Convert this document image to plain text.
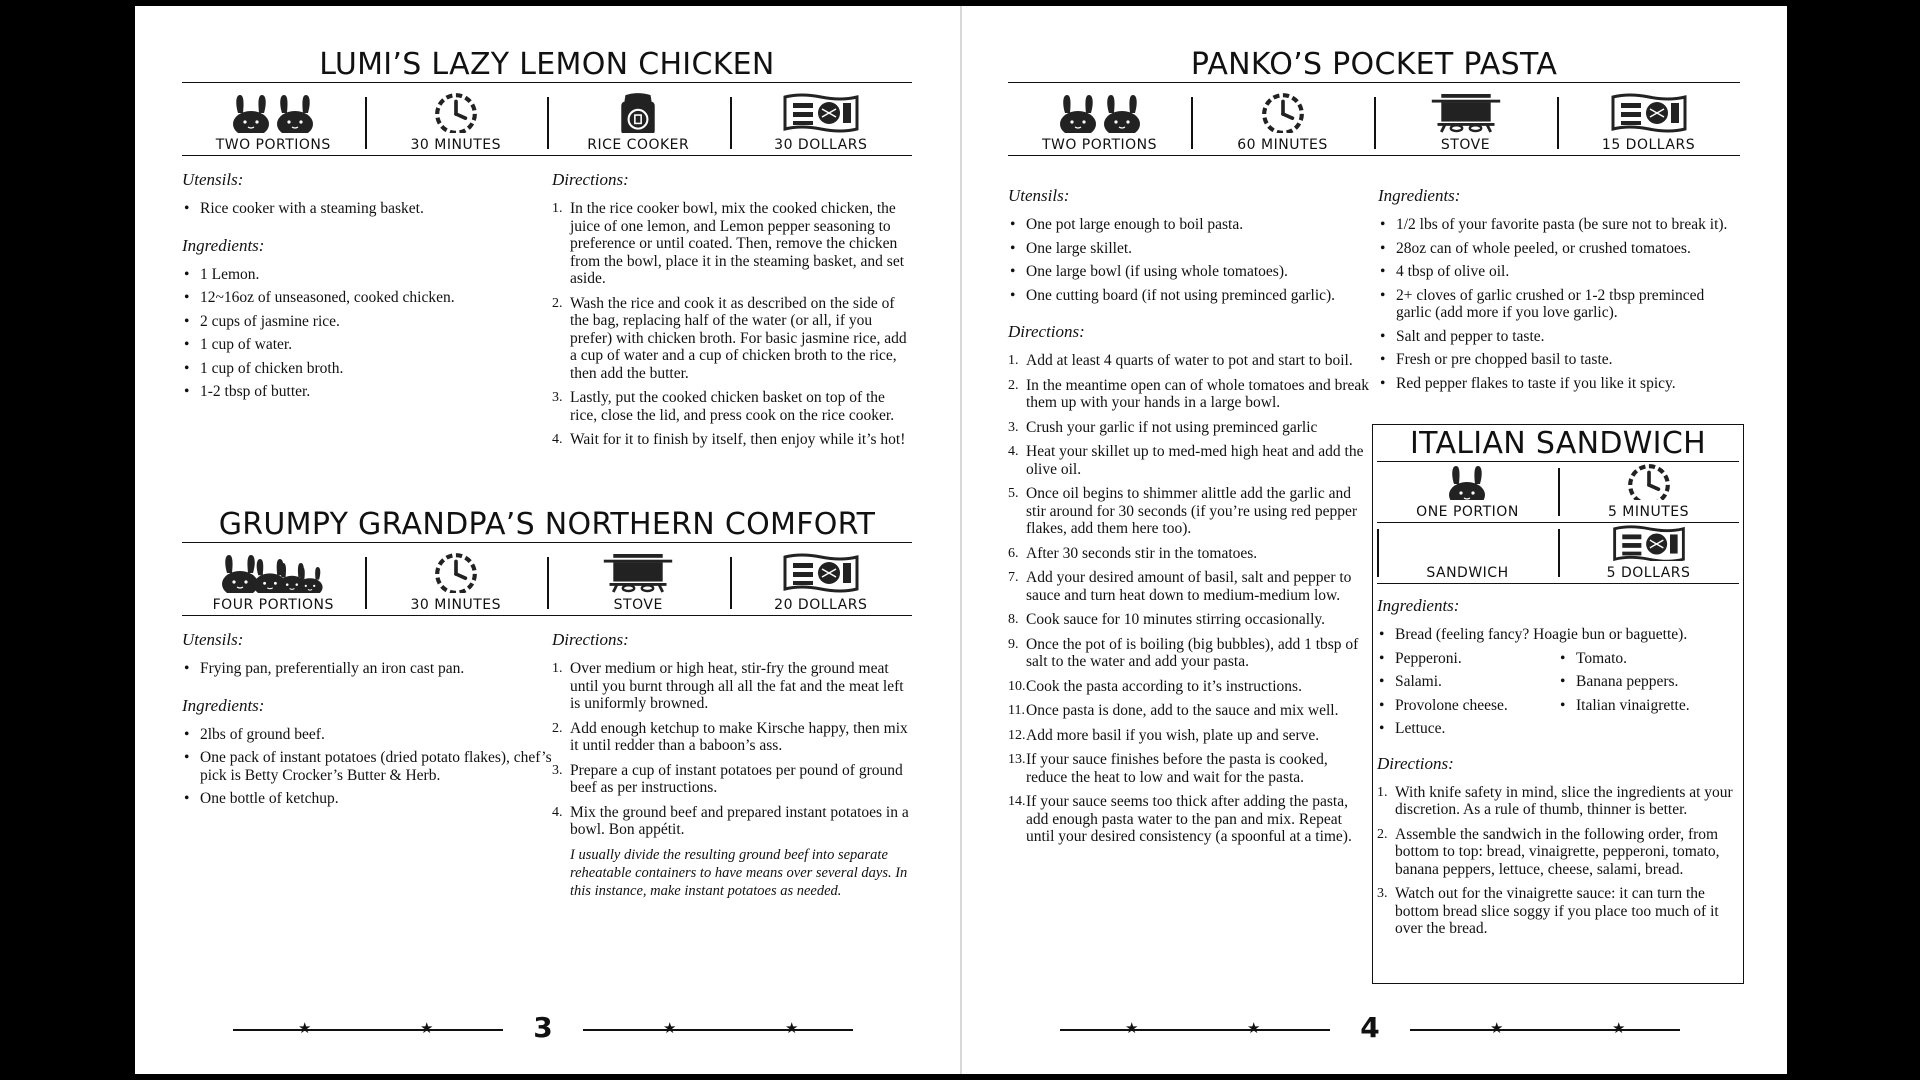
LUMI’S LAZY LEMON CHICKEN
TWO PORTIONS	30 MINUTES	RICE COOKER	30 DOLLARS
Utensils:
• Rice cooker with a steaming basket.
Ingredients:
• 1 Lemon.
• 12~16oz of unseasoned, cooked chicken.
• 2 cups of jasmine rice.
• 1 cup of water.
• 1 cup of chicken broth.
• 1-2 tbsp of butter.
Directions:
1. In the rice cooker bowl, mix the cooked chicken, the juice of one lemon, and Lemon pepper seasoning to preference or until coated. Then, remove the chicken from the bowl, place it in the steaming basket, and set aside.
2. Wash the rice and cook it as described on the side of the bag, replacing half of the water (or all, if you prefer) with chicken broth. For basic jasmine rice, add a cup of water and a cup of chicken broth to the rice, then add the butter.
3. Lastly, put the cooked chicken basket on top of the rice, close the lid, and press cook on the rice cooker.
4. Wait for it to finish by itself, then enjoy while it’s hot!
GRUMPY GRANDPA’S NORTHERN COMFORT
FOUR PORTIONS	30 MINUTES	STOVE	20 DOLLARS
Utensils:
• Frying pan, preferentially an iron cast pan.
Ingredients:
• 2lbs of ground beef.
• One pack of instant potatoes (dried potato flakes), chef’s pick is Betty Crocker’s Butter & Herb.
• One bottle of ketchup.
Directions:
1. Over medium or high heat, stir-fry the ground meat until you burnt through all all the fat and the meat left is uniformly browned.
2. Add enough ketchup to make Kirsche happy, then mix it until redder than a baboon’s ass.
3. Prepare a cup of instant potatoes per pound of ground beef as per instructions.
4. Mix the ground beef and prepared instant potatoes in a bowl. Bon appétit.
I usually divide the resulting ground beef into separate reheatable containers to have means over several days. In this instance, make instant potatoes as needed.
★	★	★	★
3
PANKO’S POCKET PASTA
TWO PORTIONS	60 MINUTES	STOVE	15 DOLLARS
Utensils:
• One pot large enough to boil pasta.
• One large skillet.
• One large bowl (if using whole tomatoes).
• One cutting board (if not using preminced garlic).
Directions:
1. Add at least 4 quarts of water to pot and start to boil.
2. In the meantime open can of whole tomatoes and break them up with your hands in a large bowl.
3. Crush your garlic if not using preminced garlic
4. Heat your skillet up to med-med high heat and add the olive oil.
5. Once oil begins to shimmer alittle add the garlic and stir around for 30 seconds (if you’re using red pepper flakes, add them here too).
6. After 30 seconds stir in the tomatoes.
7. Add your desired amount of basil, salt and pepper to sauce and turn heat down to medium-medium low.
8. Cook sauce for 10 minutes stirring occasionally.
9. Once the pot of is boiling (big bubbles), add 1 tbsp of salt to the water and add your pasta.
10. Cook the pasta according to it’s instructions.
11. Once pasta is done, add to the sauce and mix well.
12. Add more basil if you wish, plate up and serve.
13. If your sauce finishes before the pasta is cooked, reduce the heat to low and wait for the pasta.
14. If your sauce seems too thick after adding the pasta, add enough pasta water to the pan and mix. Repeat until your desired consistency (a spoonful at a time).
Ingredients:
• 1/2 lbs of your favorite pasta (be sure not to break it).
• 28oz can of whole peeled, or crushed tomatoes.
• 4 tbsp of olive oil.
• 2+ cloves of garlic crushed or 1-2 tbsp preminced garlic (add more if you love garlic).
• Salt and pepper to taste.
• Fresh or pre chopped basil to taste.
• Red pepper flakes to taste if you like it spicy.
ITALIAN SANDWICH
ONE PORTION	5 MINUTES
SANDWICH	5 DOLLARS
Ingredients:
• Bread (feeling fancy? Hoagie bun or baguette).
• Pepperoni.
• Salami.
• Provolone cheese.
• Lettuce.
• Tomato.
• Banana peppers.
• Italian vinaigrette.
Directions:
1. With knife safety in mind, slice the ingredients at your discretion. As a rule of thumb, thinner is better.
2. Assemble the sandwich in the following order, from bottom to top: bread, vinaigrette, pepperoni, tomato, banana peppers, lettuce, cheese, salami, bread.
3. Watch out for the vinaigrette sauce: it can turn the bottom bread slice soggy if you place too much of it over the bread.
★	★	★	★
4
